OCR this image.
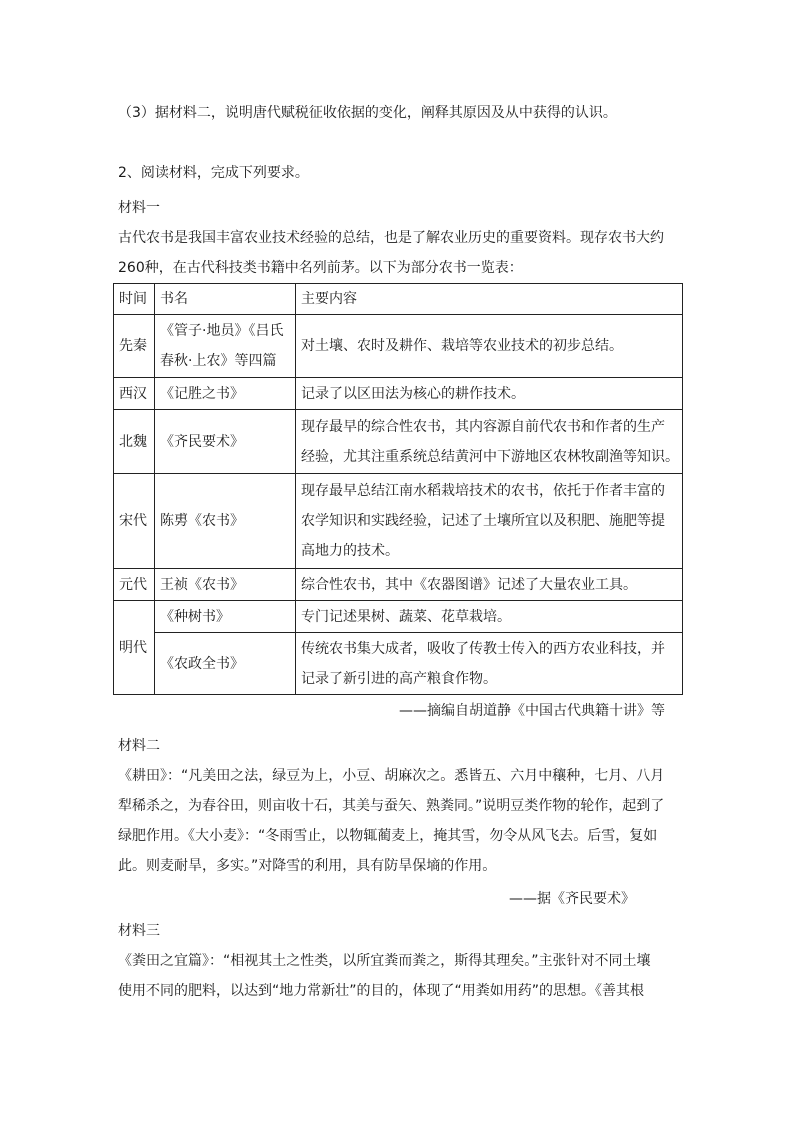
（3）据材料二，说明唐代赋税征收依据的变化，阐释其原因及从中获得的认识。
2、阅读材料，完成下列要求。
材料一
古代农书是我国丰富农业技术经验的总结，也是了解农业历史的重要资料。现存农书大约
260种，在古代科技类书籍中名列前茅。以下为部分农书一览表：
时间	书名	主要内容
先秦	《管子·地员》《吕氏
春秋·上农》等四篇	对土壤、农时及耕作、栽培等农业技术的初步总结。
西汉	《记胜之书》	记录了以区田法为核心的耕作技术。
北魏	《齐民要术》	现存最早的综合性农书，其内容源自前代农书和作者的生产
经验，尤其注重系统总结黄河中下游地区农林牧副渔等知识。

宋代	陈旉《农书》	现存最早总结江南水稻栽培技术的农书，依托于作者丰富的
农学知识和实践经验，记述了土壤所宜以及积肥、施肥等提
高地力的技术。

元代	王祯《农书》	综合性农书，其中《农器图谱》记述了大量农业工具。
明代	《种树书》	专门记述果树、蔬菜、花草栽培。
	《农政全书》	传统农书集大成者，吸收了传教士传入的西方农业科技，并
记录了新引进的高产粮食作物。
——摘编自胡道静《中国古代典籍十讲》等
材料二
《耕田》：“凡美田之法，绿豆为上，小豆、胡麻次之。悉皆五、六月中穰种，七月、八月
犁稀杀之，为春谷田，则亩收十石，其美与蚕矢、熟粪同。”说明豆类作物的轮作，起到了
绿肥作用。《大小麦》：“冬雨雪止，以物辄蔺麦上，掩其雪，勿令从风飞去。后雪，复如
此。则麦耐旱，多实。”对降雪的利用，具有防旱保墒的作用。
——据《齐民要术》
材料三
《粪田之宜篇》：“相视其土之性类，以所宜粪而粪之，斯得其理矣。”主张针对不同土壤
使用不同的肥料，以达到“地力常新壮”的目的，体现了“用粪如用药”的思想。《善其根
